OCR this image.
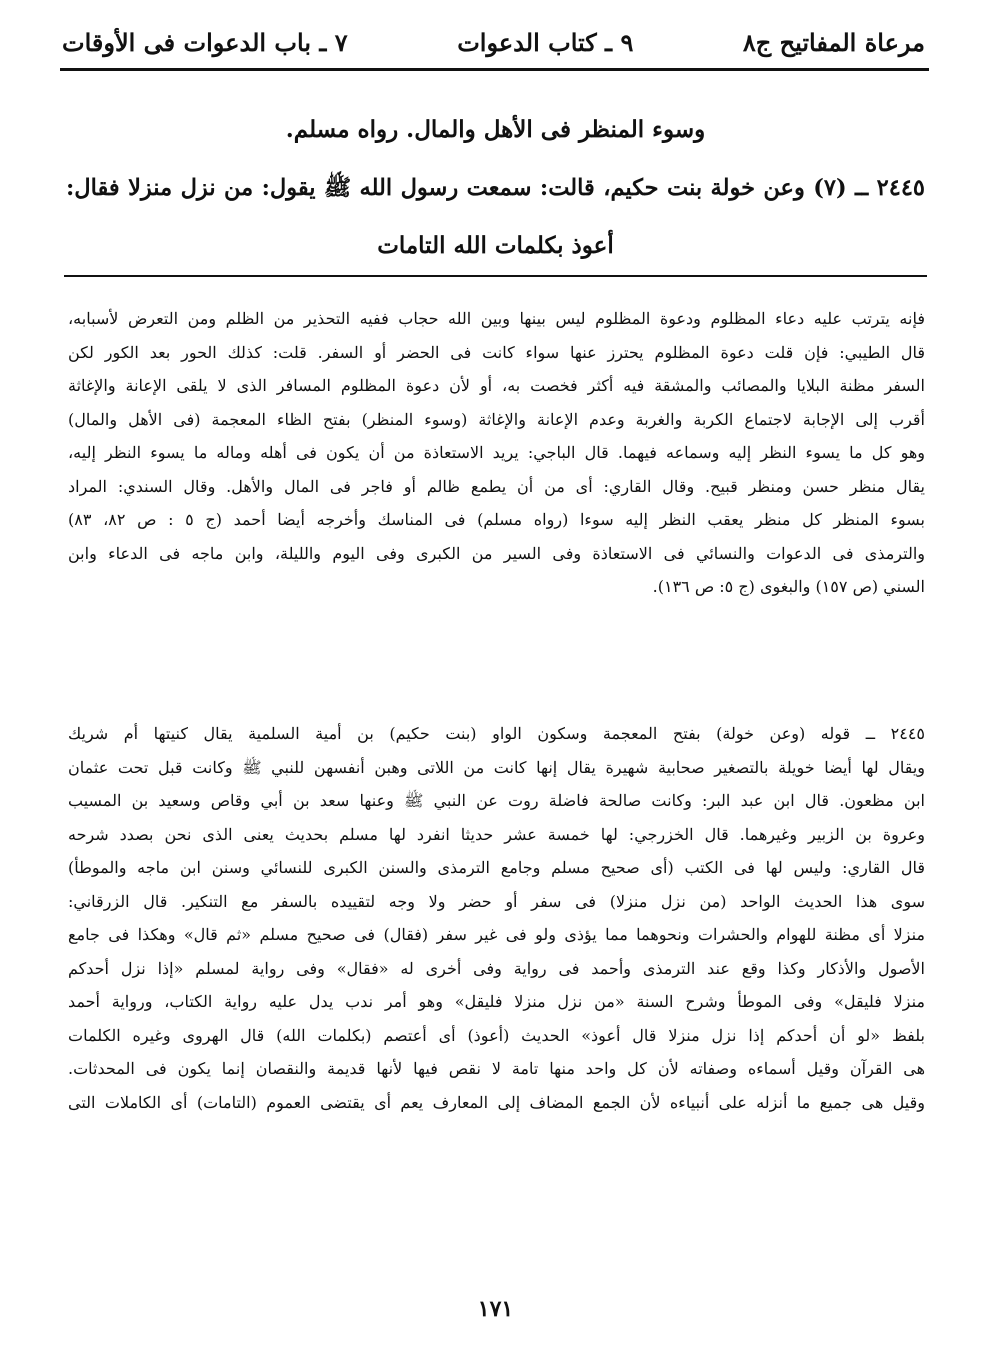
مرعاة المفاتيح ج٨
٩ ـ كتاب الدعوات
٧ ـ باب الدعوات فى الأوقات
وسوء المنظر فى الأهل والمال. رواه مسلم.
٢٤٤٥ ــ (٧) وعن خولة بنت حكيم، قالت: سمعت رسول الله ﷺ يقول: من نزل منزلا فقال:
أعوذ بكلمات الله التامات
فإنه يترتب عليه دعاء المظلوم ودعوة المظلوم ليس بينها وبين الله حجاب ففيه التحذير من الظلم ومن التعرض لأسبابه،
قال الطيبي: فإن قلت دعوة المظلوم يحترز عنها سواء كانت فى الحضر أو السفر. قلت: كذلك الحور بعد الكور لكن
السفر مظنة البلايا والمصائب والمشقة فيه أكثر فخصت به، أو لأن دعوة المظلوم المسافر الذى لا يلقى الإعانة والإغاثة
أقرب إلى الإجابة لاجتماع الكربة والغربة وعدم الإعانة والإغاثة (وسوء المنظر) بفتح الظاء المعجمة (فى الأهل والمال)
وهو كل ما يسوء النظر إليه وسماعه فيهما. قال الباجي: يريد الاستعاذة من أن يكون فى أهله وماله ما يسوء النظر إليه،
يقال منظر حسن ومنظر قبيح. وقال القاري: أى من أن يطمع ظالم أو فاجر فى المال والأهل. وقال السندي: المراد
بسوء المنظر كل منظر يعقب النظر إليه سوءا (رواه مسلم) فى المناسك وأخرجه أيضا أحمد (ج ٥ : ص ٨٢، ٨٣)
والترمذى فى الدعوات والنسائي فى الاستعاذة وفى السير من الكبرى وفى اليوم والليلة، وابن ماجه فى الدعاء وابن
السني (ص ١٥٧) والبغوى (ج ٥: ص ١٣٦).
٢٤٤٥ ــ قوله (وعن خولة) بفتح المعجمة وسكون الواو (بنت حكيم) بن أمية السلمية يقال كنيتها أم شريك
ويقال لها أيضا خويلة بالتصغير صحابية شهيرة يقال إنها كانت من اللاتى وهبن أنفسهن للنبي ﷺ وكانت قبل تحت عثمان
ابن مظعون. قال ابن عبد البر: وكانت صالحة فاضلة روت عن النبي ﷺ وعنها سعد بن أبي وقاص وسعيد بن المسيب
وعروة بن الزبير وغيرهما. قال الخزرجي: لها خمسة عشر حديثا انفرد لها مسلم بحديث يعنى الذى نحن بصدد شرحه
قال القاري: وليس لها فى الكتب (أى صحيح مسلم وجامع الترمذى والسنن الكبرى للنسائي وسنن ابن ماجه والموطأ)
سوى هذا الحديث الواحد (من نزل منزلا) فى سفر أو حضر ولا وجه لتقييده بالسفر مع التنكير. قال الزرقاني:
منزلا أى مظنة للهوام والحشرات ونحوهما مما يؤذى ولو فى غير سفر (فقال) فى صحيح مسلم «ثم قال» وهكذا فى جامع
الأصول والأذكار وكذا وقع عند الترمذى وأحمد فى رواية وفى أخرى له «فقال» وفى رواية لمسلم «إذا نزل أحدكم
منزلا فليقل» وفى الموطأ وشرح السنة «من نزل منزلا فليقل» وهو أمر ندب يدل عليه رواية الكتاب، ورواية أحمد
بلفظ «لو أن أحدكم إذا نزل منزلا قال أعوذ» الحديث (أعوذ) أى أعتصم (بكلمات الله) قال الهروى وغيره الكلمات
هى القرآن وقيل أسماءه وصفاته لأن كل واحد منها تامة لا نقص فيها لأنها قديمة والنقصان إنما يكون فى المحدثات.
وقيل هى جميع ما أنزله على أنبياءه لأن الجمع المضاف إلى المعارف يعم أى يقتضى العموم (التامات) أى الكاملات التى
١٧١
